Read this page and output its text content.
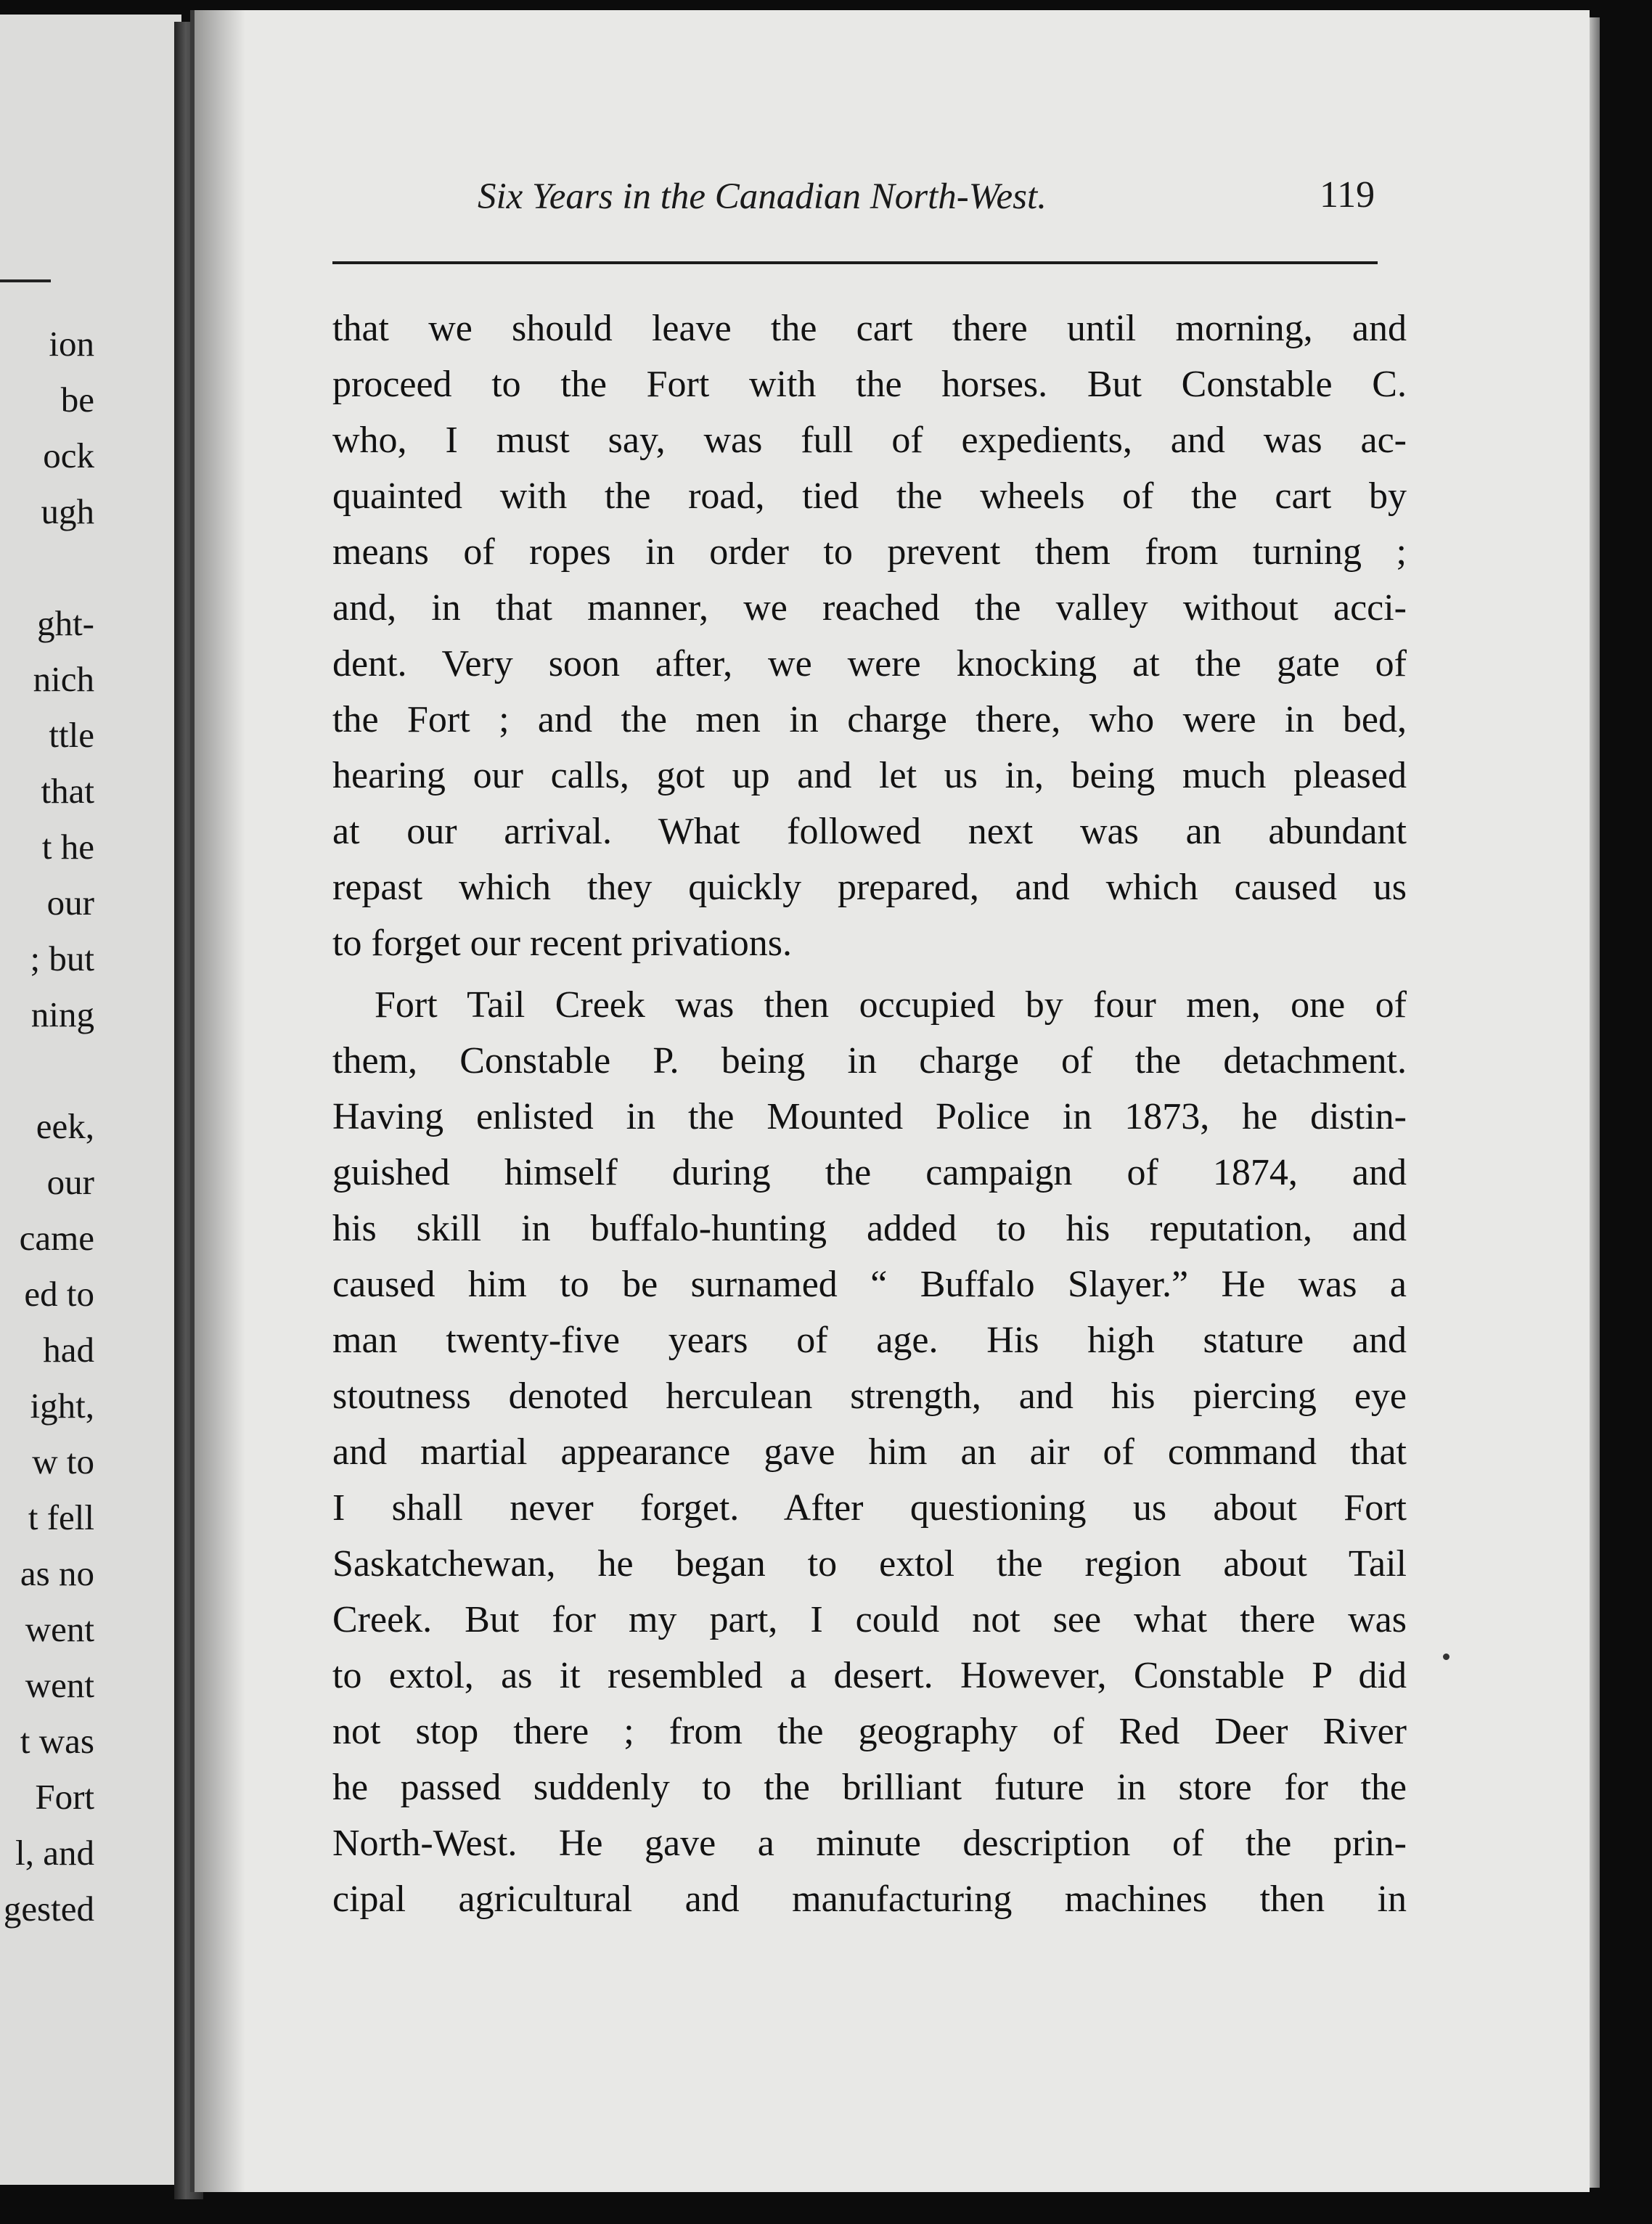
ion
be
ock
ugh
ght-
nich
ttle
that
t he
our
; but
ning
eek,
our
came
ed to
had
ight,
w to
t fell
as no
went
went
t was
Fort
l, and
gested
Six Years in the Canadian North-West.	119
that we should leave the cart there until morning, and
proceed to the Fort with the horses. But Constable C.
who, I must say, was full of expedients, and was ac-
quainted with the road, tied the wheels of the cart by
means of ropes in order to prevent them from turning ;
and, in that manner, we reached the valley without acci-
dent. Very soon after, we were knocking at the gate of
the Fort ; and the men in charge there, who were in bed,
hearing our calls, got up and let us in, being much pleased
at our arrival. What followed next was an abundant
repast which they quickly prepared, and which caused us
to forget our recent privations.
Fort Tail Creek was then occupied by four men, one of
them, Constable P. being in charge of the detachment.
Having enlisted in the Mounted Police in 1873, he distin-
guished himself during the campaign of 1874, and
his skill in buffalo-hunting added to his reputation, and
caused him to be surnamed “ Buffalo Slayer.” He was a
man twenty-five years of age. His high stature and
stoutness denoted herculean strength, and his piercing eye
and martial appearance gave him an air of command that
I shall never forget. After questioning us about Fort
Saskatchewan, he began to extol the region about Tail
Creek. But for my part, I could not see what there was
to extol, as it resembled a desert. However, Constable P did
not stop there ; from the geography of Red Deer River
he passed suddenly to the brilliant future in store for the
North-West. He gave a minute description of the prin-
cipal agricultural and manufacturing machines then in
